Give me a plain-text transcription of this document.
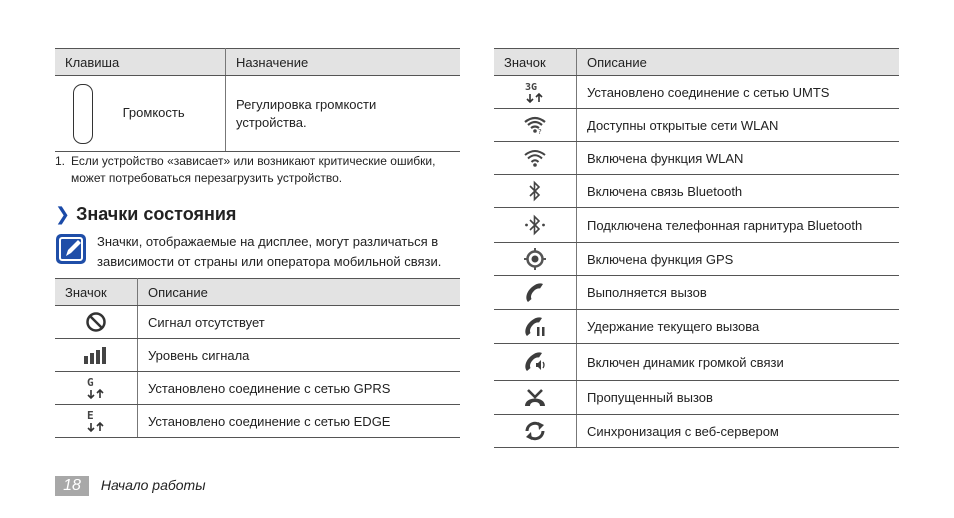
Клавиша	Назначение
Громкость	Регулировка громкости устройства.
1. Если устройство «зависает» или возникают критические ошибки, может потребоваться перезагрузить устройство.
❯ Значки состояния
Значки, отображаемые на дисплее, могут различаться в зависимости от страны или оператора мобильной связи.
Значок	Описание
	Сигнал отсутствует
	Уровень сигнала

G	Установлено соединение с сетью GPRS

E	Установлено соединение с сетью EDGE
Значок	Описание

3G	Установлено соединение с сетью UMTS

?	Доступны открытые сети WLAN
	Включена функция WLAN
	Включена связь Bluetooth
	Подключена телефонная гарнитура Bluetooth
	Включена функция GPS
	Выполняется вызов
	Удержание текущего вызова
	Включен динамик громкой связи
	Пропущенный вызов
	Синхронизация с веб-сервером
18 Начало работы
